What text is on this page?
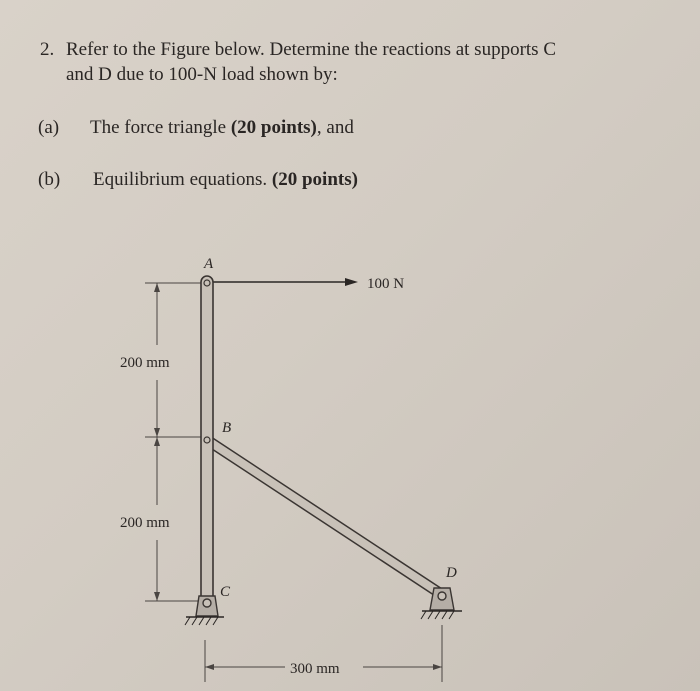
2. Refer to the Figure below. Determine the reactions at supports C
and D due to 100-N load shown by:
(a) The force triangle (20 points), and
(b) Equilibrium equations. (20 points)
A
B
C
D
100 N
200 mm
200 mm
300 mm
